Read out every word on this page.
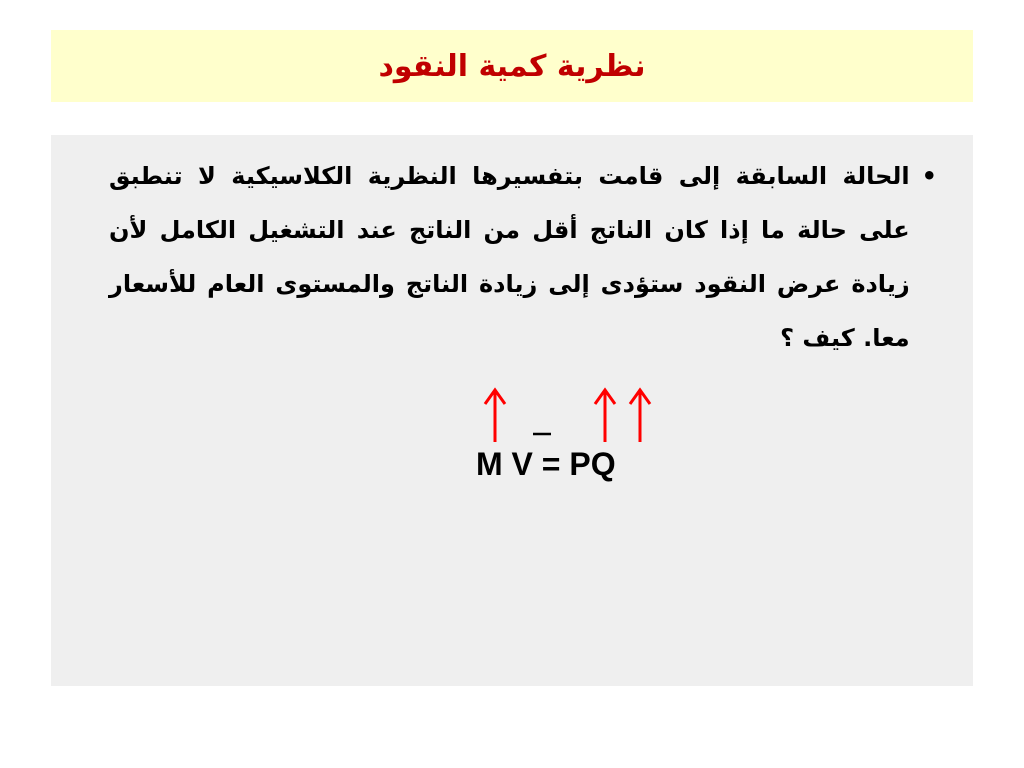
نظرية كمية النقود
•
الحالة السابقة إلى قامت بتفسيرها النظرية الكلاسيكية لا تنطبق على حالة ما إذا كان الناتج أقل من الناتج عند التشغيل الكامل لأن زيادة عرض النقود ستؤدى إلى زيادة الناتج والمستوى العام للأسعار معا. كيف ؟
M V = PQ
